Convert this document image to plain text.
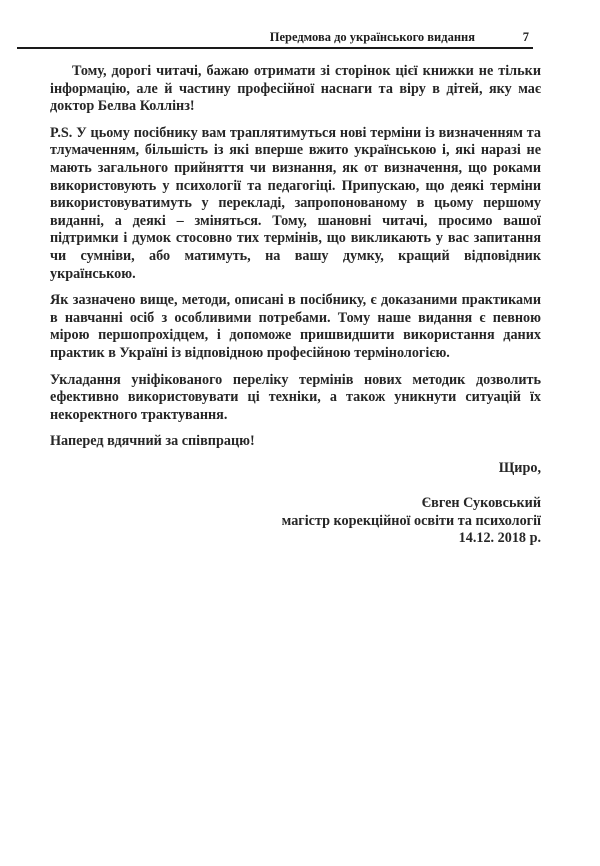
Передмова до українського видання	7

Тому, дорогі читачі, бажаю отримати зі сторінок цієї книжки не тільки інформацію, але й частину професійної наснаги та віру в дітей, яку має доктор Белва Коллінз!

P.S. У цьому посібнику вам траплятимуться нові терміни із визначенням та тлумаченням, більшість із які вперше вжито українською і, які наразі не мають загального прийняття чи визнання, як от визначення, що роками використовують у психології та педагогіці. Припускаю, що деякі терміни використовуватимуть у перекладі, запропонованому в цьому першому виданні, а деякі – зміняться. Тому, шановні читачі, просимо вашої підтримки і думок стосовно тих термінів, що викликають у вас запитання чи сумніви, або матимуть, на вашу думку, кращий відповідник українською.

Як зазначено вище, методи, описані в посібнику, є доказаними практиками в навчанні осіб з особливими потребами. Тому наше видання є певною мірою першопрохідцем, і допоможе пришвидшити використання даних практик в Україні із відповідною професійною термінологією.

Укладання уніфікованого переліку термінів нових методик дозволить ефективно використовувати ці техніки, а також уникнути ситуацій їх некоректного трактування.

Наперед вдячний за співпрацю!

Щиро,

Євген Суковський
магістр корекційної освіти та психології
14.12. 2018 р.
